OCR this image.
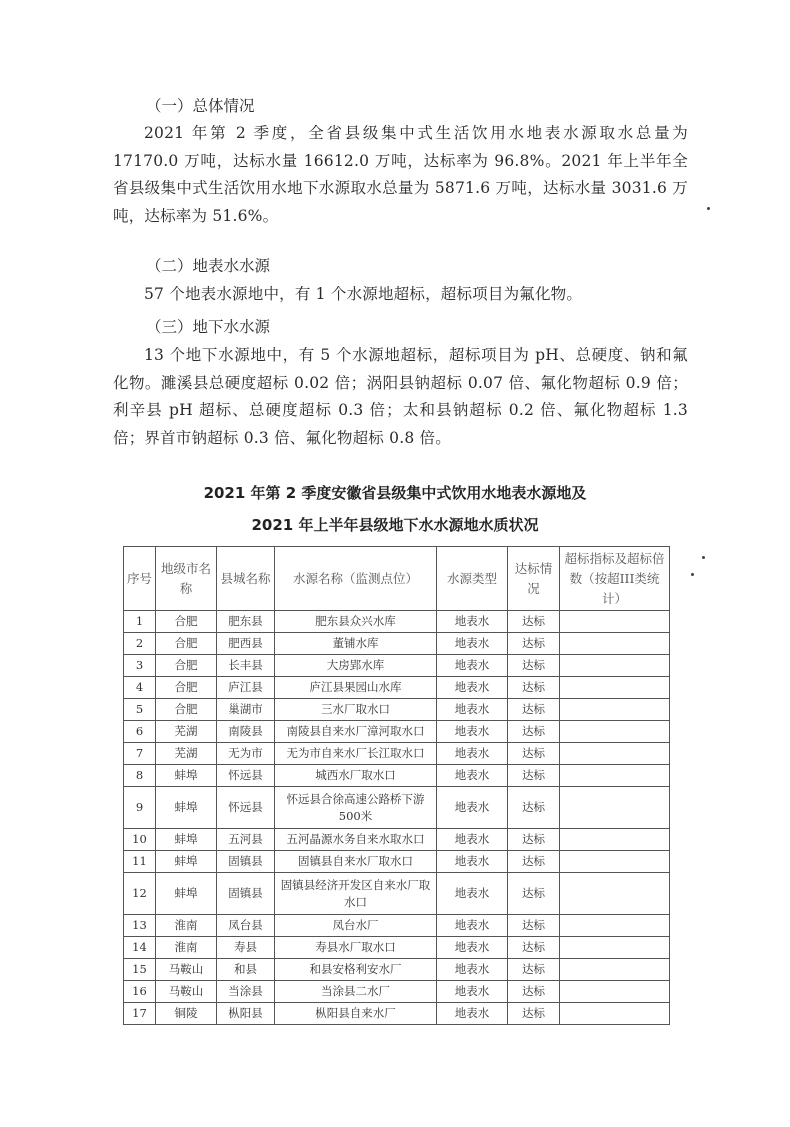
（一）总体情况

2021 年第 2 季度，全省县级集中式生活饮用水地表水源取水总量为 17170.0 万吨，达标水量 16612.0 万吨，达标率为 96.8%。2021 年上半年全省县级集中式生活饮用水地下水源取水总量为 5871.6 万吨，达标水量 3031.6 万吨，达标率为 51.6%。

（二）地表水水源

57 个地表水源地中，有 1 个水源地超标，超标项目为氟化物。

（三）地下水水源

13 个地下水源地中，有 5 个水源地超标，超标项目为 pH、总硬度、钠和氟化物。濉溪县总硬度超标 0.02 倍；涡阳县钠超标 0.07 倍、氟化物超标 0.9 倍；利辛县 pH 超标、总硬度超标 0.3 倍；太和县钠超标 0.2 倍、氟化物超标 1.3 倍；界首市钠超标 0.3 倍、氟化物超标 0.8 倍。

2021 年第 2 季度安徽省县级集中式饮用水地表水源地及

2021 年上半年县级地下水水源地水质状况

序号	地级市名称	县城名称	水源名称（监测点位）	水源类型	达标情况	超标指标及超标倍数（按超III类统计）
1	合肥	肥东县	肥东县众兴水库	地表水	达标	
2	合肥	肥西县	董铺水库	地表水	达标	
3	合肥	长丰县	大房郢水库	地表水	达标	
4	合肥	庐江县	庐江县果园山水库	地表水	达标	
5	合肥	巢湖市	三水厂取水口	地表水	达标	
6	芜湖	南陵县	南陵县自来水厂漳河取水口	地表水	达标	
7	芜湖	无为市	无为市自来水厂长江取水口	地表水	达标	
8	蚌埠	怀远县	城西水厂取水口	地表水	达标	
9	蚌埠	怀远县	怀远县合徐高速公路桥下游500米	地表水	达标	
10	蚌埠	五河县	五河晶源水务自来水取水口	地表水	达标	
11	蚌埠	固镇县	固镇县自来水厂取水口	地表水	达标	
12	蚌埠	固镇县	固镇县经济开发区自来水厂取水口	地表水	达标	
13	淮南	凤台县	凤台水厂	地表水	达标	
14	淮南	寿县	寿县水厂取水口	地表水	达标	
15	马鞍山	和县	和县安格利安水厂	地表水	达标	
16	马鞍山	当涂县	当涂县二水厂	地表水	达标	
17	铜陵	枞阳县	枞阳县自来水厂	地表水	达标	
